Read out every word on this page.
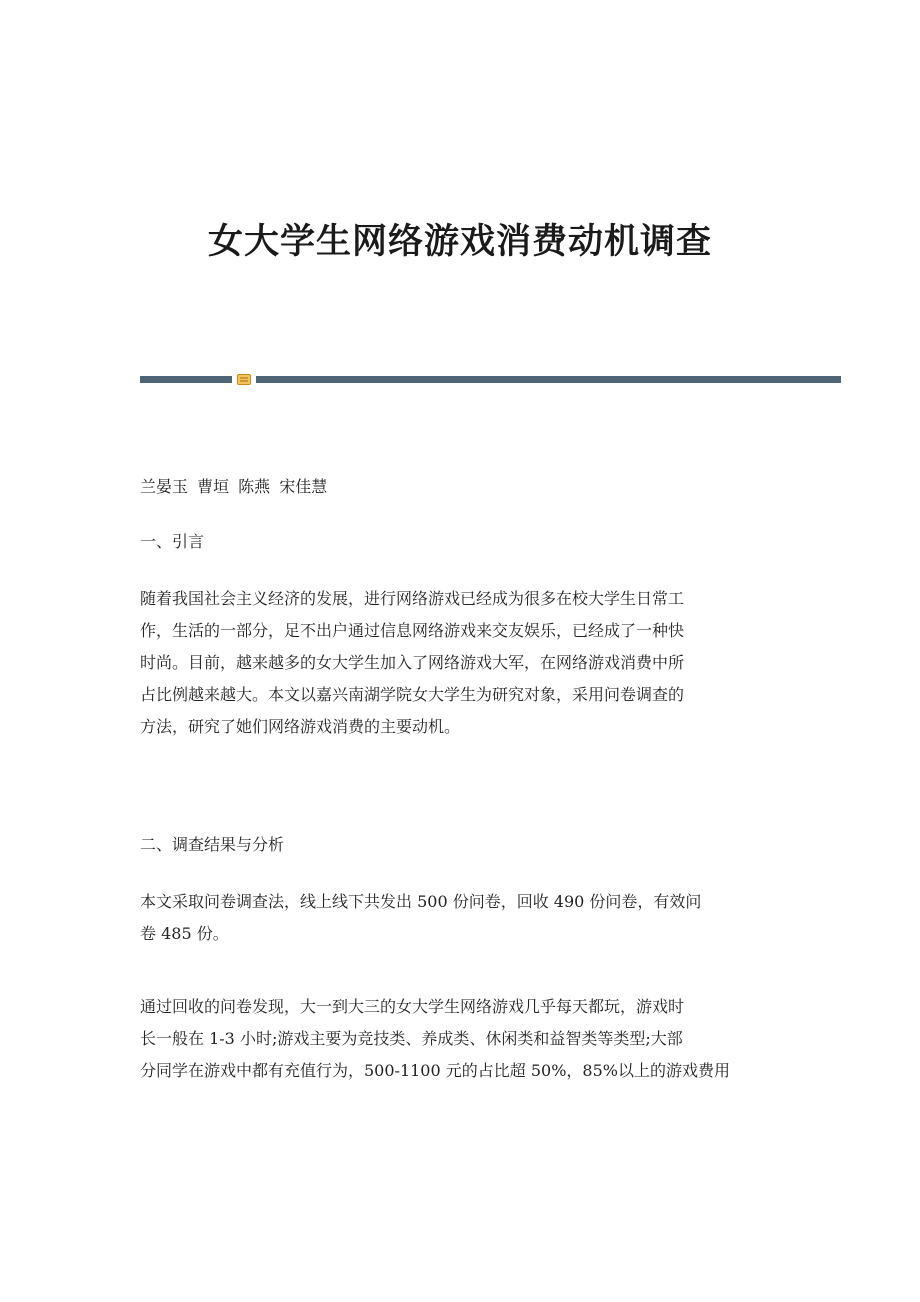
女大学生网络游戏消费动机调查
兰晏玉 曹垣 陈燕 宋佳慧
一、引言
随着我国社会主义经济的发展，进行网络游戏已经成为很多在校大学生日常工
作，生活的一部分，足不出户通过信息网络游戏来交友娱乐，已经成了一种快
时尚。目前，越来越多的女大学生加入了网络游戏大军，在网络游戏消费中所
占比例越来越大。本文以嘉兴南湖学院女大学生为研究对象，采用问卷调查的
方法，研究了她们网络游戏消费的主要动机。
二、调查结果与分析
本文采取问卷调查法，线上线下共发出 500 份问卷，回收 490 份问卷，有效问
卷 485 份。
通过回收的问卷发现，大一到大三的女大学生网络游戏几乎每天都玩，游戏时
长一般在 1-3 小时;游戏主要为竞技类、养成类、休闲类和益智类等类型;大部
分同学在游戏中都有充值行为，500-1100 元的占比超 50%，85%以上的游戏费用
